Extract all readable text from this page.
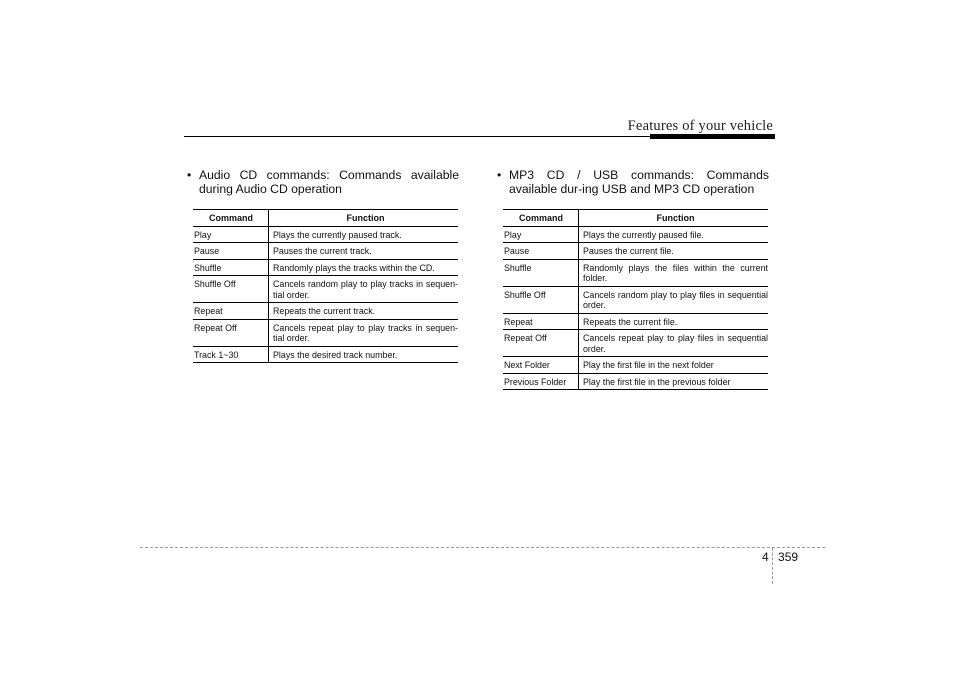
Features of your vehicle
• Audio CD commands: Commands available during Audio CD operation
Command	Function
Play	Plays the currently paused track.
Pause	Pauses the current track.
Shuffle	Randomly plays the tracks within the CD.
Shuffle Off	Cancels random play to play tracks in sequen-tial order.
Repeat	Repeats the current track.
Repeat Off	Cancels repeat play to play tracks in sequen-tial order.
Track 1~30	Plays the desired track number.
• MP3 CD / USB commands: Commands available dur-ing USB and MP3 CD operation
Command	Function
Play	Plays the currently paused file.
Pause	Pauses the current file.
Shuffle	Randomly plays the files within the current folder.
Shuffle Off	Cancels random play to play files in sequential order.
Repeat	Repeats the current file.
Repeat Off	Cancels repeat play to play files in sequential order.
Next Folder	Play the first file in the next folder
Previous Folder	Play the first file in the previous folder
4 359
